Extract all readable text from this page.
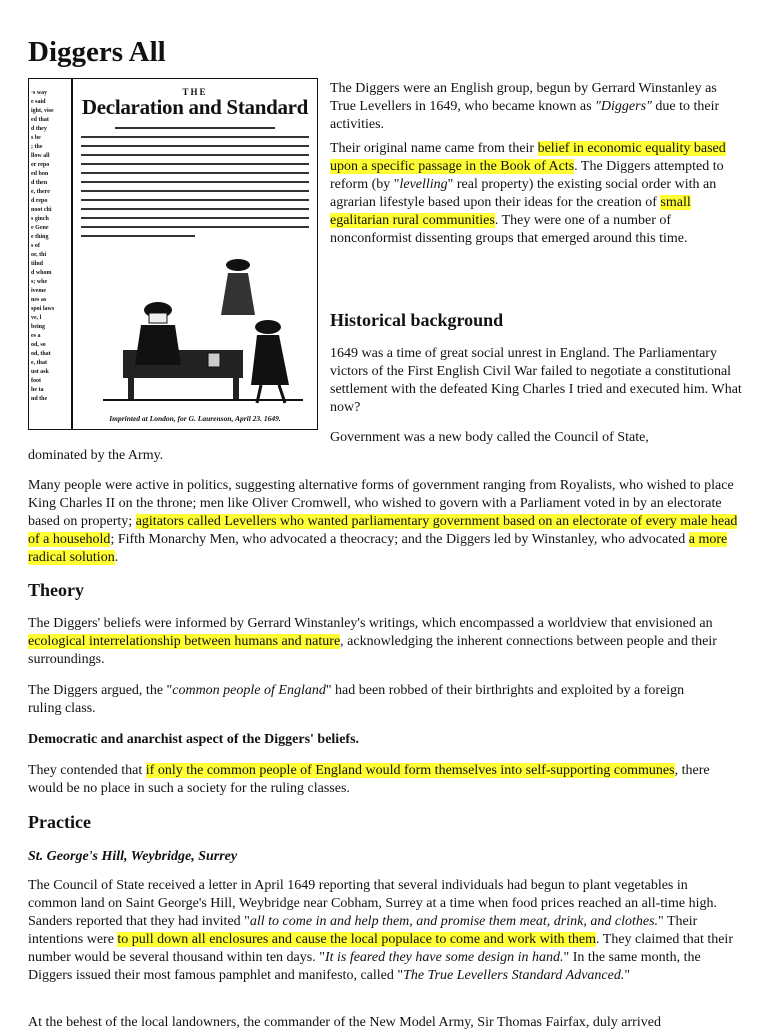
Diggers All
·s way
e said
ight, vise
ed that
d they
s be
; the
llow all
er repo
ed bon
d then
e, there
d repo
noot chi
s ginch
e Gene
e thing
s of
or, thi
tilnd
d whom
s; whe
iveme
nes as
spoi laws
ve, l
being
es a
od, so
od, that
e, that
ust ask
foot
he ta
nd the
THE
Declaration and Standard
Imprinted at London, for G. Laurenson, April 23. 1649.

The Diggers were an English group, begun by Gerrard Winstanley as True Levellers in 1649, who became known as "Diggers" due to their activities.

Their original name came from their belief in economic equality based upon a specific passage in the Book of Acts. The Diggers attempted to reform (by "levelling" real property) the existing social order with an agrarian lifestyle based upon their ideas for the creation of small egalitarian rural communities. They were one of a number of nonconformist dissenting groups that emerged around this time.

Historical background

1649 was a time of great social unrest in England. The Parliamentary victors of the First English Civil War failed to negotiate a constitutional settlement with the defeated King Charles I tried and executed him. What now?

Government was a new body called the Council of State,

dominated by the Army.

Many people were active in politics, suggesting alternative forms of government ranging from Royalists, who wished to place King Charles II on the throne; men like Oliver Cromwell, who wished to govern with a Parliament voted in by an electorate based on property; agitators called Levellers who wanted parliamentary government based on an electorate of every male head of a household; Fifth Monarchy Men, who advocated a theocracy; and the Diggers led by Winstanley, who advocated a more radical solution.

Theory

The Diggers' beliefs were informed by Gerrard Winstanley's writings, which encompassed a worldview that envisioned an ecological interrelationship between humans and nature, acknowledging the inherent connections between people and their surroundings.

The Diggers argued, the "common people of England" had been robbed of their birthrights and exploited by a foreign ruling class.

Democratic and anarchist aspect of the Diggers' beliefs.

They contended that if only the common people of England would form themselves into self-supporting communes, there would be no place in such a society for the ruling classes.

Practice

St. George's Hill, Weybridge, Surrey

The Council of State received a letter in April 1649 reporting that several individuals had begun to plant vegetables in common land on Saint George's Hill, Weybridge near Cobham, Surrey at a time when food prices reached an all-time high. Sanders reported that they had invited "all to come in and help them, and promise them meat, drink, and clothes." Their intentions were to pull down all enclosures and cause the local populace to come and work with them. They claimed that their number would be several thousand within ten days. "It is feared they have some design in hand." In the same month, the Diggers issued their most famous pamphlet and manifesto, called "The True Levellers Standard Advanced."

At the behest of the local landowners, the commander of the New Model Army, Sir Thomas Fairfax, duly arrived
